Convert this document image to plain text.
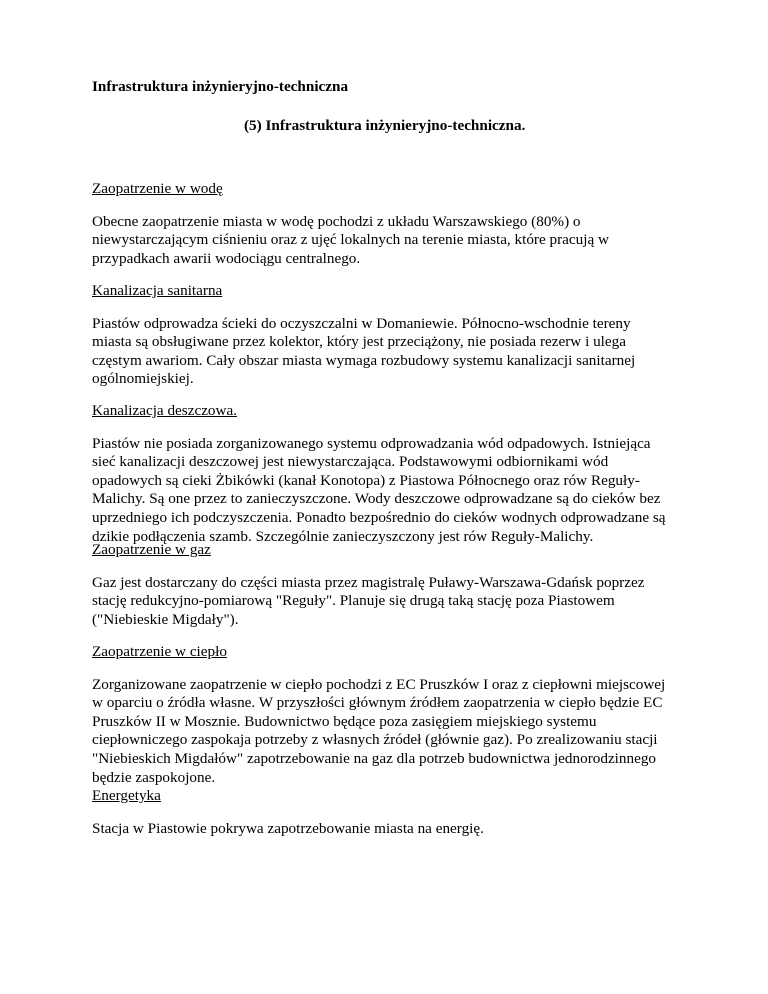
Infrastruktura inżynieryjno-techniczna
(5) Infrastruktura inżynieryjno-techniczna.
Zaopatrzenie w wodę

Obecne zaopatrzenie miasta w wodę pochodzi z układu Warszawskiego (80%) o
niewystarczającym ciśnieniu oraz z ujęć lokalnych na terenie miasta, które pracują w
przypadkach awarii wodociągu centralnego.

Kanalizacja sanitarna

Piastów odprowadza ścieki do oczyszczalni w Domaniewie. Północno-wschodnie tereny
miasta są obsługiwane przez kolektor, który jest przeciążony, nie posiada rezerw i ulega
częstym awariom. Cały obszar miasta wymaga rozbudowy systemu kanalizacji sanitarnej
ogólnomiejskiej.

Kanalizacja deszczowa.

Piastów nie posiada zorganizowanego systemu odprowadzania wód odpadowych. Istniejąca
sieć kanalizacji deszczowej jest niewystarczająca. Podstawowymi odbiornikami wód
opadowych są cieki Żbikówki (kanał Konotopa) z Piastowa Północnego oraz rów Reguły-
Malichy. Są one przez to zanieczyszczone. Wody deszczowe odprowadzane są do cieków bez
uprzedniego ich podczyszczenia. Ponadto bezpośrednio do cieków wodnych odprowadzane są
dzikie podłączenia szamb. Szczególnie zanieczyszczony jest rów Reguły-Malichy.

Zaopatrzenie w gaz

Gaz jest dostarczany do części miasta przez magistralę Puławy-Warszawa-Gdańsk poprzez
stację redukcyjno-pomiarową "Reguły". Planuje się drugą taką stację poza Piastowem
("Niebieskie Migdały").

Zaopatrzenie w ciepło

Zorganizowane zaopatrzenie w ciepło pochodzi z EC Pruszków I oraz z ciepłowni miejscowej
w oparciu o źródła własne. W przyszłości głównym źródłem zaopatrzenia w ciepło będzie EC
Pruszków II w Mosznie. Budownictwo będące poza zasięgiem miejskiego systemu
ciepłowniczego zaspokaja potrzeby z własnych źródeł (głównie gaz). Po zrealizowaniu stacji
"Niebieskich Migdałów" zapotrzebowanie na gaz dla potrzeb budownictwa jednorodzinnego
będzie zaspokojone.

Energetyka

Stacja w Piastowie pokrywa zapotrzebowanie miasta na energię.
